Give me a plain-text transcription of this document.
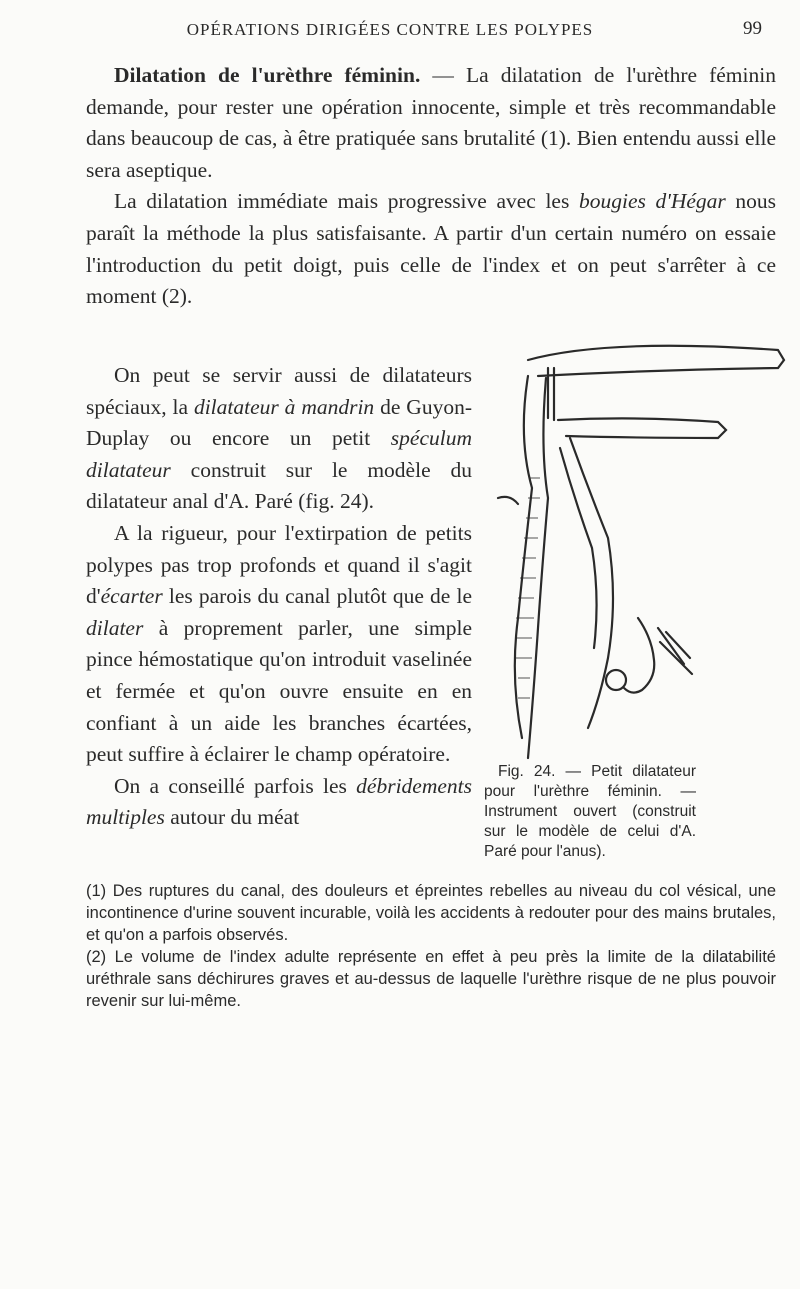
OPÉRATIONS DIRIGÉES CONTRE LES POLYPES	99

Dilatation de l'urèthre féminin. — La dilatation de l'urèthre féminin demande, pour rester une opération innocente, simple et très recommandable dans beaucoup de cas, à être pratiquée sans brutalité (1). Bien entendu aussi elle sera aseptique.

La dilatation immédiate mais progressive avec les bougies d'Hégar nous paraît la méthode la plus satisfaisante. A partir d'un certain numéro on essaie l'introduction du petit doigt, puis celle de l'index et on peut s'arrêter à ce moment (2).

On peut se servir aussi de dilatateurs spéciaux, la dilatateur à mandrin de Guyon-Duplay ou encore un petit spéculum dilatateur construit sur le modèle du dilatateur anal d'A. Paré (fig. 24).

A la rigueur, pour l'extirpation de petits polypes pas trop profonds et quand il s'agit d'écarter les parois du canal plutôt que de le dilater à proprement parler, une simple pince hémostatique qu'on introduit vaselinée et fermée et qu'on ouvre ensuite en en confiant à un aide les branches écartées, peut suffire à éclairer le champ opératoire.

On a conseillé parfois les débridements multiples autour du méat

Fig. 24. — Petit dilatateur pour l'urèthre féminin. — Instrument ouvert (construit sur le modèle de celui d'A. Paré pour l'anus).

(1) Des ruptures du canal, des douleurs et épreintes rebelles au niveau du col vésical, une incontinence d'urine souvent incurable, voilà les accidents à redouter pour des mains brutales, et qu'on a parfois observés.

(2) Le volume de l'index adulte représente en effet à peu près la limite de la dilatabilité uréthrale sans déchirures graves et au-dessus de laquelle l'urèthre risque de ne plus pouvoir revenir sur lui-même.
